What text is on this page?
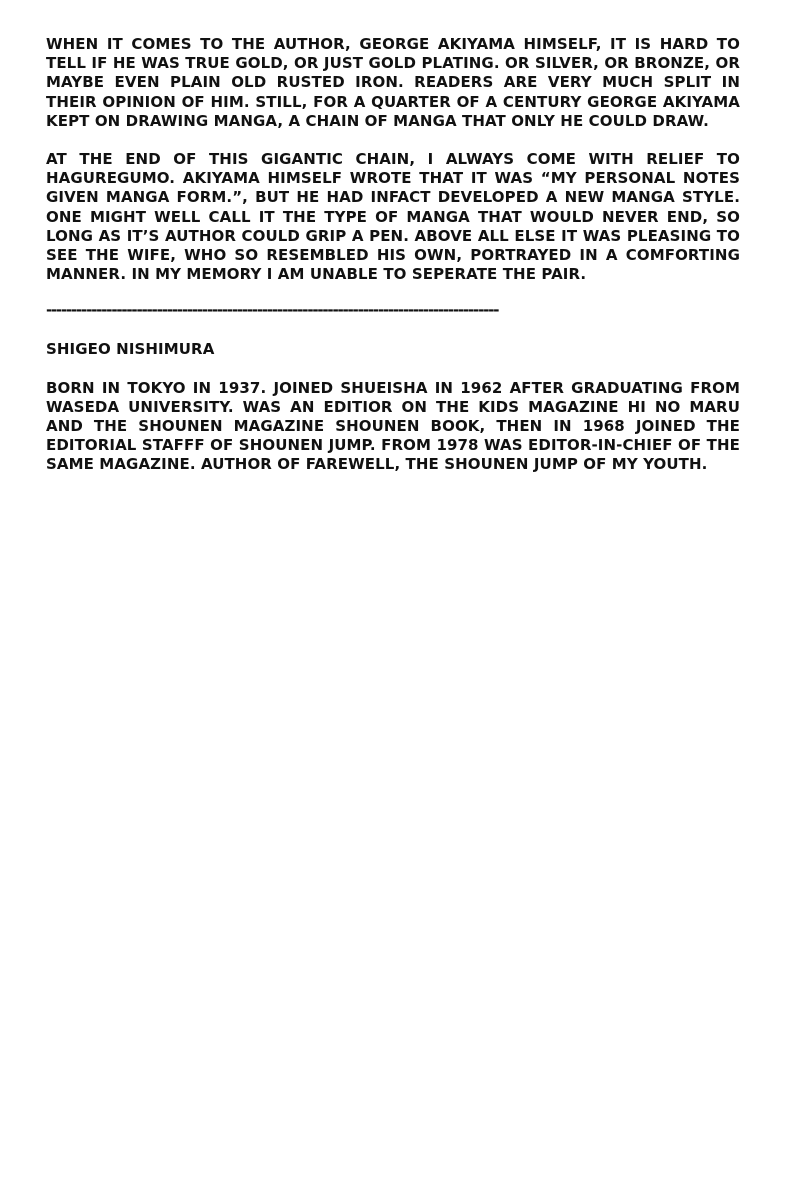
WHEN IT COMES TO THE AUTHOR, GEORGE AKIYAMA HIMSELF, IT IS HARD TO TELL IF HE WAS TRUE GOLD, OR JUST GOLD PLATING. OR SILVER, OR BRONZE, OR MAYBE EVEN PLAIN OLD RUSTED IRON. READERS ARE VERY MUCH SPLIT IN THEIR OPINION OF HIM. STILL, FOR A QUARTER OF A CENTURY GEORGE AKIYAMA KEPT ON DRAWING MANGA, A CHAIN OF MANGA THAT ONLY HE COULD DRAW.

AT THE END OF THIS GIGANTIC CHAIN, I ALWAYS COME WITH RELIEF TO HAGUREGUMO. AKIYAMA HIMSELF WROTE THAT IT WAS “MY PERSONAL NOTES GIVEN MANGA FORM.”, BUT HE HAD INFACT DEVELOPED A NEW MANGA STYLE. ONE MIGHT WELL CALL IT THE TYPE OF MANGA THAT WOULD NEVER END, SO LONG AS IT’S AUTHOR COULD GRIP A PEN. ABOVE ALL ELSE IT WAS PLEASING TO SEE THE WIFE, WHO SO RESEMBLED HIS OWN, PORTRAYED IN A COMFORTING MANNER. IN MY MEMORY I AM UNABLE TO SEPERATE THE PAIR.

------------------------------------------------------------------------------------------

SHIGEO NISHIMURA

BORN IN TOKYO IN 1937. JOINED SHUEISHA IN 1962 AFTER GRADUATING FROM WASEDA UNIVERSITY. WAS AN EDITIOR ON THE KIDS MAGAZINE HI NO MARU AND THE SHOUNEN MAGAZINE SHOUNEN BOOK, THEN IN 1968 JOINED THE EDITORIAL STAFFF OF SHOUNEN JUMP. FROM 1978 WAS EDITOR-IN-CHIEF OF THE SAME MAGAZINE. AUTHOR OF FAREWELL, THE SHOUNEN JUMP OF MY YOUTH.
